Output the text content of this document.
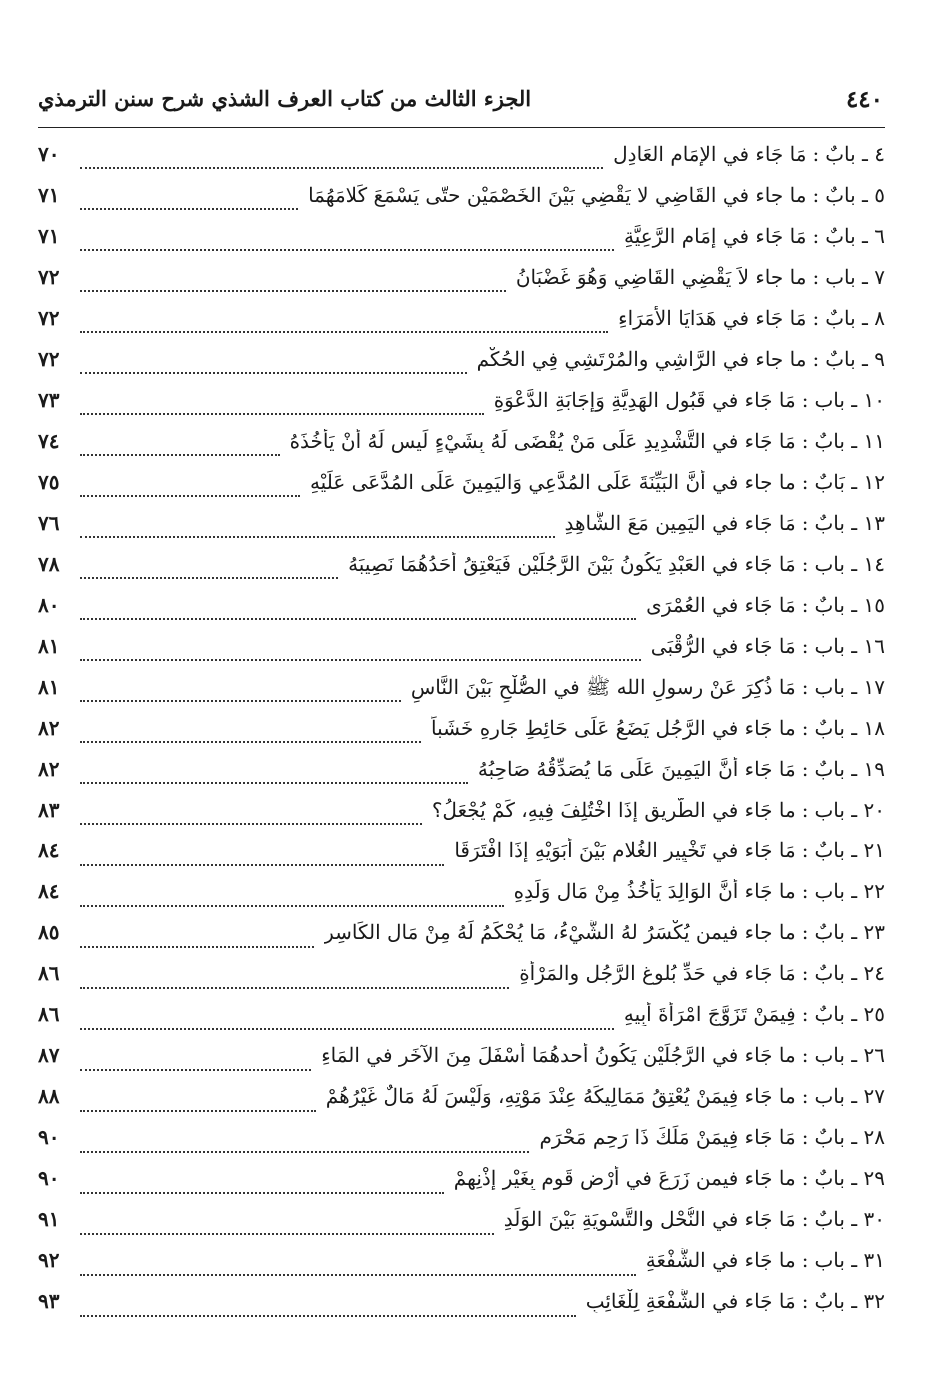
٤٤٠
الجزء الثالث من كتاب العرف الشذي شرح سنن الترمذي
٤ ـ بابٌ
:
مَا جَاء في الإمَامِ العَادِلِ
٧٠
٥ ـ بابٌ
:
ما جاء في القَاضِي لا يَقْضِي بَيْنَ الخَصْمَيْنِ حتّى يَسْمَعَ كَلامَهُمَا
٧١
٦ ـ بابٌ
:
مَا جَاء في إمَامِ الرَّعِيَّةِ
٧١
٧ ـ باب
:
ما جاء لاَ يَقْضِي القَاضِي وَهُوَ غَضْبَانُ
٧٢
٨ ـ بابٌ
:
مَا جَاء في هَدَايَا الأُمَرَاءِ
٧٢
٩ ـ بابٌ
:
ما جاء في الرَّاشِي والمُرْتَشِي فِي الحُكْمِ
٧٢
١٠ ـ باب
:
مَا جَاء في قَبُولِ الهَدِيَّةِ وَإجَابَةِ الدَّعْوَةِ
٧٣
١١ ـ بابٌ
:
مَا جَاء في التَّشْدِيدِ عَلَى مَنْ يُقْضَى لَهُ بِشَيْءٍ لَيس لَهُ أنْ يَأْخُذَهُ
٧٤
١٢ ـ بَابٌ
:
ما جاء في أنَّ البَيِّنَةَ عَلَى المُدَّعِي وَاليَمِينَ عَلَى المُدَّعَى عَلَيْهِ
٧٥
١٣ ـ بابٌ
:
مَا جَاء في اليَمِينِ مَعَ الشَّاهِدِ
٧٦
١٤ ـ باب
:
مَا جَاء في العَبْدِ يَكُونُ بَيْنَ الرَّجُلَيْنِ فَيَعْتِقُ أحَدُهُمَا نَصِيبَهُ
٧٨
١٥ ـ بابٌ
:
مَا جَاء في العُمْرَى
٨٠
١٦ ـ باب
:
مَا جَاء في الرُّقْبَى
٨١
١٧ ـ باب
:
مَا ذُكِرَ عَنْ رسولِ الله ﷺ في الصُّلْحِ بَيْنَ النَّاسِ
٨١
١٨ ـ بابٌ
:
ما جَاء في الرَّجُلِ يَضَعُ عَلَى حَائِطِ جَارِهِ خَشَباً
٨٢
١٩ ـ بابٌ
:
مَا جَاء أنَّ اليَمِينَ عَلَى مَا يُصَدِّقُهُ صَاحِبُهُ
٨٢
٢٠ ـ باب
:
ما جَاء في الطَّرِيقِ إذَا اخْتُلِفَ فِيهِ، كَمْ يُجْعَلُ؟
٨٣
٢١ ـ بابٌ
:
مَا جَاء في تَخْيِيرِ الغُلامِ بَيْنَ أبَوَيْهِ إذَا افْتَرَقَا
٨٤
٢٢ ـ باب
:
ما جَاء أنَّ الوَالِدَ يَأْخُذُ مِنْ مَالِ وَلَدِهِ
٨٤
٢٣ ـ بابٌ
:
ما جاء فيمن يُكْسَرُ لهُ الشَّيْءُ، مَا يُحْكَمُ لَهُ مِنْ مَالِ الكَاسِرِ
٨٥
٢٤ ـ بابٌ
:
مَا جَاء في حَدِّ بُلوغِ الرَّجُلِ والمَرْأةِ
٨٦
٢٥ ـ بابٌ
:
فِيمَنْ تَزَوَّجَ امْرَأةَ أبِيهِ
٨٦
٢٦ ـ باب
:
ما جَاء في الرَّجُلَيْنِ يَكُونُ أحدهُمَا أسْفَلَ مِنَ الآخَرِ في المَاءِ
٨٧
٢٧ ـ باب
:
ما جَاء فِيمَنْ يُعْتِقُ مَمَالِيكَهُ عِنْدَ مَوْتِهِ، وَلَيْسَ لَهُ مَالٌ غَيْرُهُمْ
٨٨
٢٨ ـ بابٌ
:
مَا جَاء فِيمَنْ مَلَكَ ذَا رَحِمٍ مَحْرَمٍ
٩٠
٢٩ ـ بابٌ
:
ما جَاء فيمن زَرَعَ في أرْضِ قَومٍ بِغَيْرِ إذْنِهِمْ
٩٠
٣٠ ـ بابٌ
:
مَا جَاء في النُّحْلِ والتَّسْوِيَةِ بَيْنَ الوَلَدِ
٩١
٣١ ـ باب
:
ما جَاء في الشُّفْعَةِ
٩٢
٣٢ ـ بابٌ
:
مَا جَاء في الشُّفْعَةِ لِلْغَائِبِ
٩٣
